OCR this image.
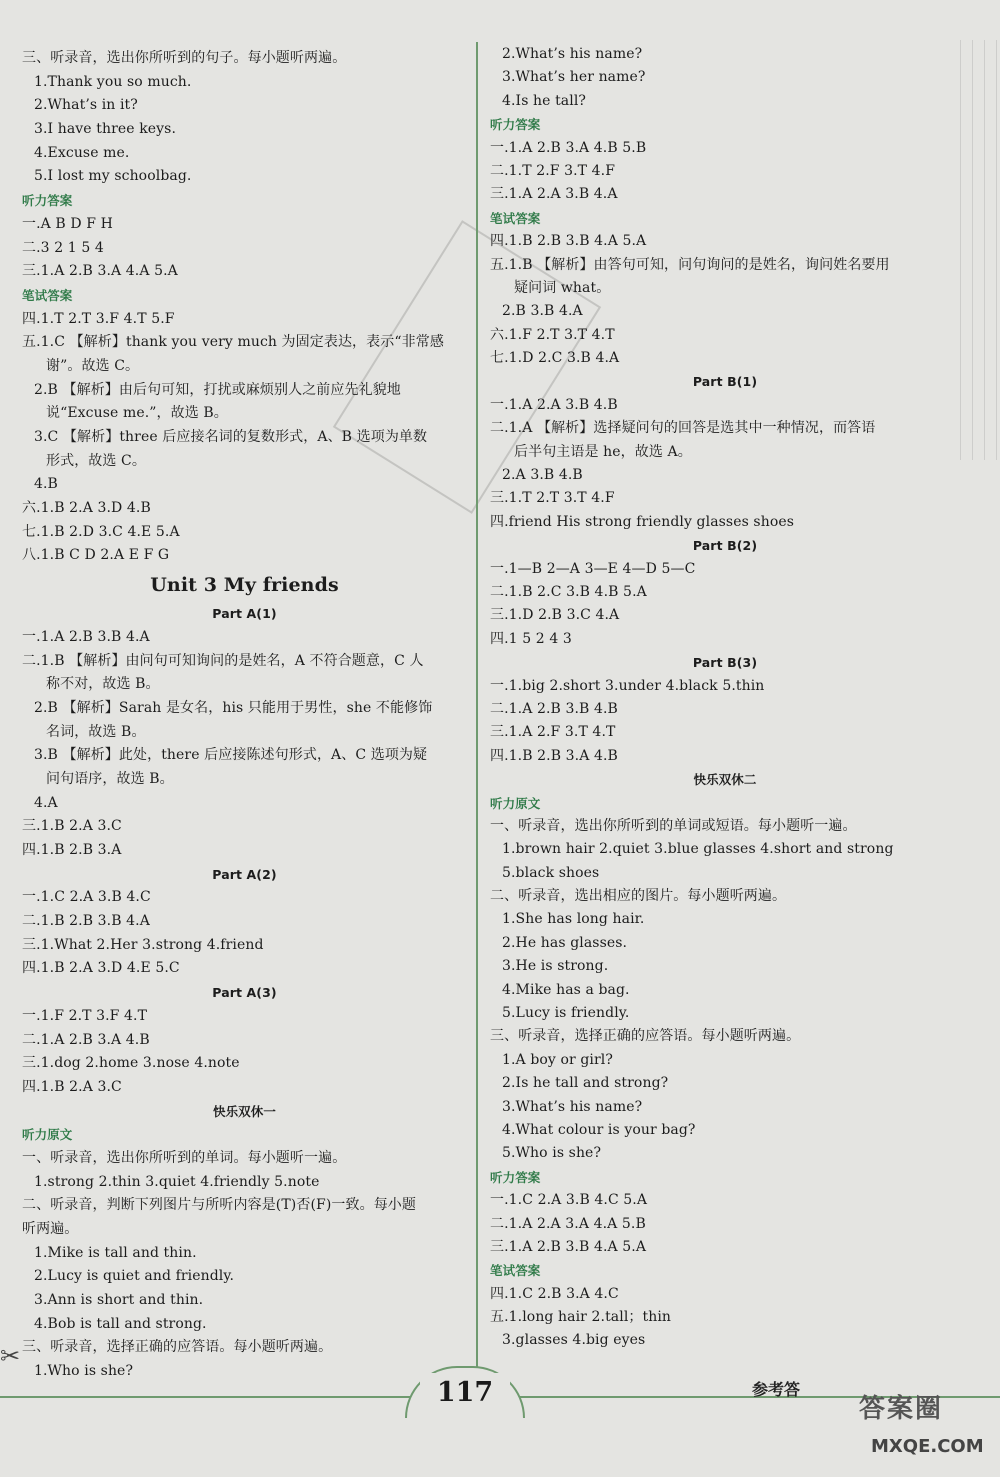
三、听录音，选出你所听到的句子。每小题听两遍。
1.Thank you so much.
2.What’s in it?
3.I have three keys.
4.Excuse me.
5.I lost my schoolbag.
听力答案
一.A B D F H
二.3 2 1 5 4
三.1.A 2.B 3.A 4.A 5.A
笔试答案
四.1.T 2.T 3.F 4.T 5.F
五.1.C 【解析】thank you very much 为固定表达，表示“非常感
谢”。故选 C。
2.B 【解析】由后句可知，打扰或麻烦别人之前应先礼貌地
说“Excuse me.”，故选 B。
3.C 【解析】three 后应接名词的复数形式，A、B 选项为单数
形式，故选 C。
4.B
六.1.B 2.A 3.D 4.B
七.1.B 2.D 3.C 4.E 5.A
八.1.B C D 2.A E F G
Unit 3 My friends
Part A(1)
一.1.A 2.B 3.B 4.A
二.1.B 【解析】由问句可知询问的是姓名，A 不符合题意，C 人
称不对，故选 B。
2.B 【解析】Sarah 是女名，his 只能用于男性，she 不能修饰
名词，故选 B。
3.B 【解析】此处，there 后应接陈述句形式，A、C 选项为疑
问句语序，故选 B。
4.A
三.1.B 2.A 3.C
四.1.B 2.B 3.A
Part A(2)
一.1.C 2.A 3.B 4.C
二.1.B 2.B 3.B 4.A
三.1.What 2.Her 3.strong 4.friend
四.1.B 2.A 3.D 4.E 5.C
Part A(3)
一.1.F 2.T 3.F 4.T
二.1.A 2.B 3.A 4.B
三.1.dog 2.home 3.nose 4.note
四.1.B 2.A 3.C
快乐双休一
听力原文
一、听录音，选出你所听到的单词。每小题听一遍。
1.strong 2.thin 3.quiet 4.friendly 5.note
二、听录音，判断下列图片与所听内容是(T)否(F)一致。每小题
听两遍。
1.Mike is tall and thin.
2.Lucy is quiet and friendly.
3.Ann is short and thin.
4.Bob is tall and strong.
三、听录音，选择正确的应答语。每小题听两遍。
1.Who is she?
2.What’s his name?
3.What’s her name?
4.Is he tall?
听力答案
一.1.A 2.B 3.A 4.B 5.B
二.1.T 2.F 3.T 4.F
三.1.A 2.A 3.B 4.A
笔试答案
四.1.B 2.B 3.B 4.A 5.A
五.1.B 【解析】由答句可知，问句询问的是姓名，询问姓名要用
疑问词 what。
2.B 3.B 4.A
六.1.F 2.T 3.T 4.T
七.1.D 2.C 3.B 4.A
Part B(1)
一.1.A 2.A 3.B 4.B
二.1.A 【解析】选择疑问句的回答是选其中一种情况，而答语
后半句主语是 he，故选 A。
2.A 3.B 4.B
三.1.T 2.T 3.T 4.F
四.friend His strong friendly glasses shoes
Part B(2)
一.1—B 2—A 3—E 4—D 5—C
二.1.B 2.C 3.B 4.B 5.A
三.1.D 2.B 3.C 4.A
四.1 5 2 4 3
Part B(3)
一.1.big 2.short 3.under 4.black 5.thin
二.1.A 2.B 3.B 4.B
三.1.A 2.F 3.T 4.T
四.1.B 2.B 3.A 4.B
快乐双休二
听力原文
一、听录音，选出你所听到的单词或短语。每小题听一遍。
1.brown hair 2.quiet 3.blue glasses 4.short and strong
5.black shoes
二、听录音，选出相应的图片。每小题听两遍。
1.She has long hair.
2.He has glasses.
3.He is strong.
4.Mike has a bag.
5.Lucy is friendly.
三、听录音，选择正确的应答语。每小题听两遍。
1.A boy or girl?
2.Is he tall and strong?
3.What’s his name?
4.What colour is your bag?
5.Who is she?
听力答案
一.1.C 2.A 3.B 4.C 5.A
二.1.A 2.A 3.A 4.A 5.B
三.1.A 2.B 3.B 4.A 5.A
笔试答案
四.1.C 2.B 3.A 4.C
五.1.long hair 2.tall；thin
3.glasses 4.big eyes
✂
117	参考答
答案圈
MXQE.COM
